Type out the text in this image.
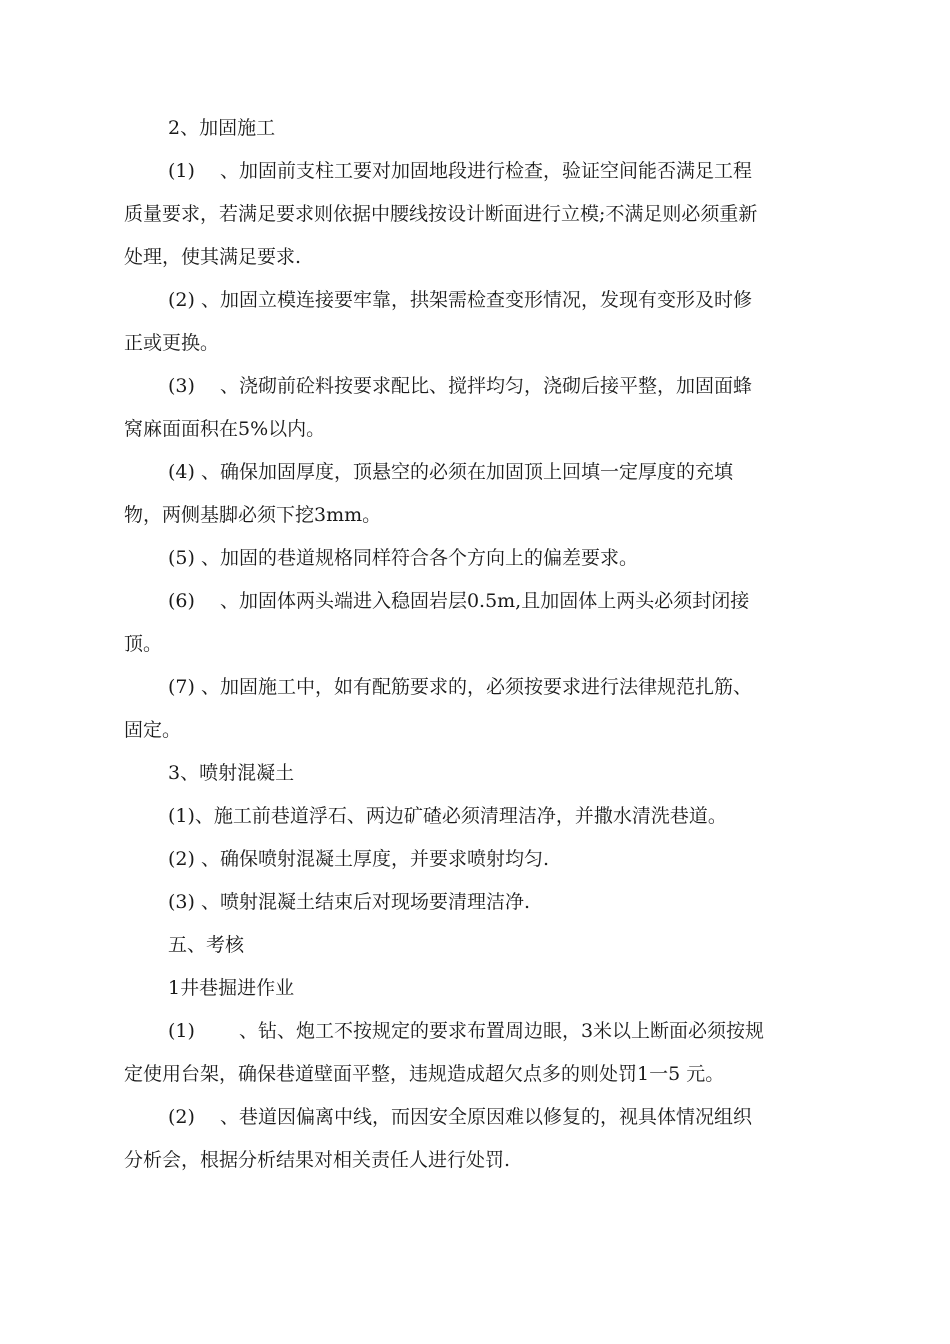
2、加固施工
(1)　 、加固前支柱工要对加固地段进行检查，验证空间能否满足工程
质量要求，若满足要求则依据中腰线按设计断面进行立模;不满足则必须重新
处理，使其满足要求.
(2) 、加固立模连接要牢靠，拱架需检查变形情况，发现有变形及时修
正或更换。
(3)　 、浇砌前砼料按要求配比、搅拌均匀，浇砌后接平整，加固面蜂
窝麻面面积在5%以内。
(4) 、确保加固厚度，顶悬空的必须在加固顶上回填一定厚度的充填
物，两侧基脚必须下挖3mm。
(5) 、加固的巷道规格同样符合各个方向上的偏差要求。
(6)　 、加固体两头端进入稳固岩层0.5m,且加固体上两头必须封闭接
顶。
(7) 、加固施工中，如有配筋要求的，必须按要求进行法律规范扎筋、
固定。
3、喷射混凝土
(1)、施工前巷道浮石、两边矿碴必须清理洁净，并撒水清洗巷道。
(2) 、确保喷射混凝土厚度，并要求喷射均匀.
(3) 、喷射混凝土结束后对现场要清理洁净.
五、考核
1井巷掘进作业
(1)　　 、钻、炮工不按规定的要求布置周边眼，3米以上断面必须按规
定使用台架，确保巷道壁面平整，违规造成超欠点多的则处罚1一5 元。
(2)　 、巷道因偏离中线，而因安全原因难以修复的，视具体情况组织
分析会，根据分析结果对相关责任人进行处罚.
